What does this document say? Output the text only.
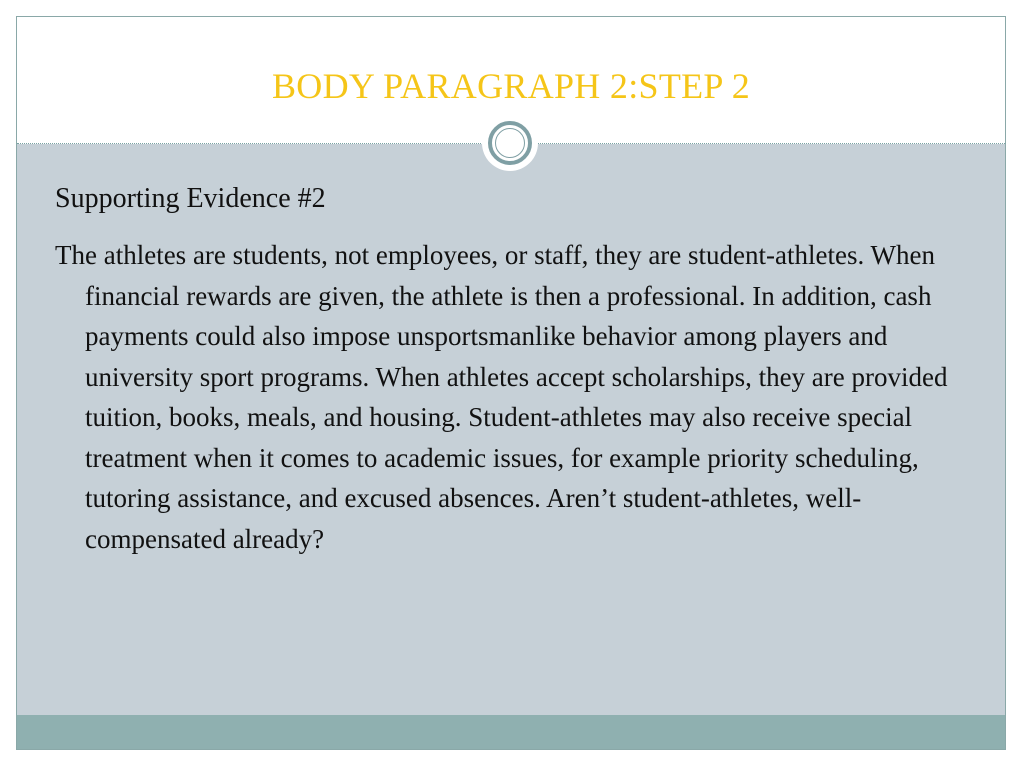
BODY PARAGRAPH 2:STEP 2
Supporting Evidence #2

The athletes are students, not employees, or staff, they are student-athletes. When financial rewards are given, the athlete is then a professional. In addition, cash payments could also impose unsportsmanlike behavior among players and university sport programs. When athletes accept scholarships, they are provided tuition, books, meals, and housing. Student-athletes may also receive special treatment when it comes to academic issues, for example priority scheduling, tutoring assistance, and excused absences. Aren’t student-athletes, well-compensated already?
